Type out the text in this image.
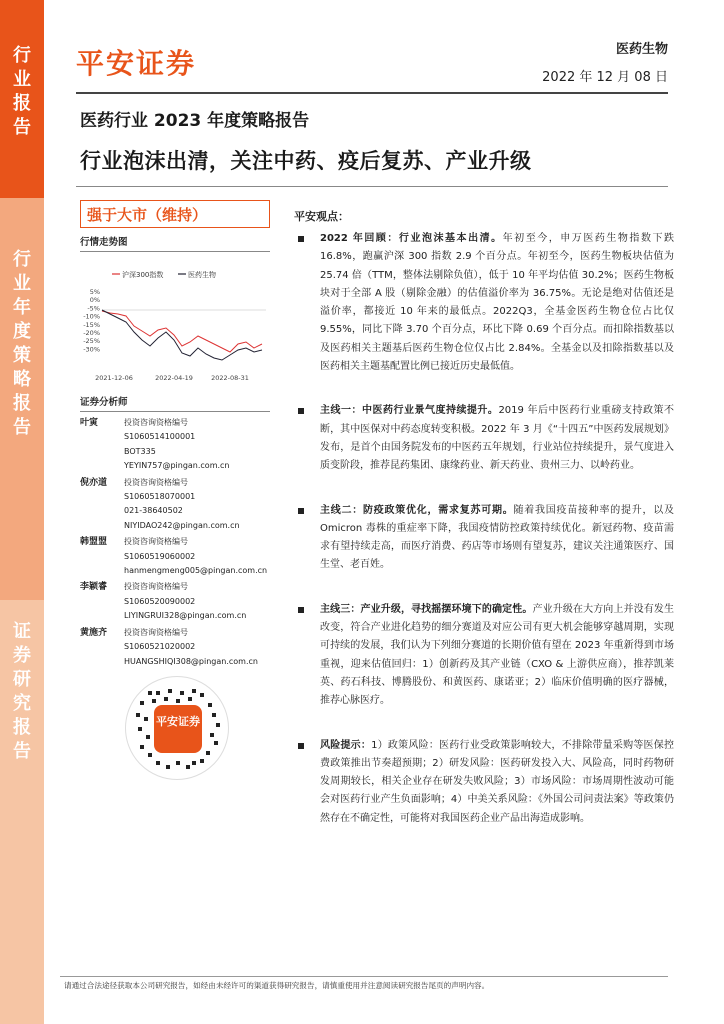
行业报告
行业年度策略报告
证券研究报告
平安证券	医药生物
2022 年 12 月 08 日
医药行业 2023 年度策略报告
行业泡沫出清，关注中药、疫后复苏、产业升级
强于大市（维持）
行情走势图
沪深300指数	医药生物
5%
0%
-5%
-10%
-15%
-20%
-25%
-30%
2021-12-06	2022-04-19	2022-08-31
证券分析师
叶寅	投资咨询资格编号
S1060514100001
BOT335
YEYIN757@pingan.com.cn
倪亦道	投资咨询资格编号
S1060518070001
021-38640502
NIYIDAO242@pingan.com.cn
韩盟盟	投资咨询资格编号
S1060519060002
hanmengmeng005@pingan.com.cn
李颖睿	投资咨询资格编号
S1060520090002
LIYINGRUI328@pingan.com.cn
黄施齐	投资咨询资格编号
S1060521020002
HUANGSHIQI308@pingan.com.cn
平安证券
平安观点：
2022 年回顾：行业泡沫基本出清。年初至今，申万医药生物指数下跌 16.8%，跑赢沪深 300 指数 2.9 个百分点。年初至今，医药生物板块估值为 25.74 倍（TTM，整体法剔除负值），低于 10 年平均估值 30.2%；医药生物板块对于全部 A 股（剔除金融）的估值溢价率为 36.75%。无论是绝对估值还是溢价率，都接近 10 年来的最低点。2022Q3，全基金医药生物仓位占比仅 9.55%，同比下降 3.70 个百分点，环比下降 0.69 个百分点。而扣除指数基以及医药相关主题基后医药生物仓位仅占比 2.84%。全基金以及扣除指数基以及医药相关主题基配置比例已接近历史最低值。
主线一：中医药行业景气度持续提升。2019 年后中医药行业重磅支持政策不断，其中医保对中药态度转变积极。2022 年 3 月《“十四五”中医药发展规划》发布，是首个由国务院发布的中医药五年规划，行业站位持续提升，景气度进入质变阶段，推荐昆药集团、康缘药业、新天药业、贵州三力、以岭药业。
主线二：防疫政策优化，需求复苏可期。随着我国疫苗接种率的提升，以及 Omicron 毒株的重症率下降，我国疫情防控政策持续优化。新冠药物、疫苗需求有望持续走高，而医疗消费、药店等市场则有望复苏，建议关注通策医疗、国生堂、老百姓。
主线三：产业升级，寻找摇摆环境下的确定性。产业升级在大方向上并没有发生改变，符合产业进化趋势的细分赛道及对应公司有更大机会能够穿越周期，实现可持续的发展，我们认为下列细分赛道的长期价值有望在 2023 年重新得到市场重视，迎来估值回归：1）创新药及其产业链（CXO & 上游供应商），推荐凯莱英、药石科技、博腾股份、和黄医药、康诺亚；2）临床价值明确的医疗器械，推荐心脉医疗。
风险提示：1）政策风险：医药行业受政策影响较大，不排除带量采购等医保控费政策推出节奏超预期；2）研发风险：医药研发投入大、风险高，同时药物研发周期较长，相关企业存在研发失败风险；3）市场风险：市场周期性波动可能会对医药行业产生负面影响；4）中美关系风险：《外国公司问责法案》等政策仍然存在不确定性，可能将对我国医药企业产品出海造成影响。
请通过合法途径获取本公司研究报告，如经由未经许可的渠道获得研究报告，请慎重使用并注意阅读研究报告尾页的声明内容。
